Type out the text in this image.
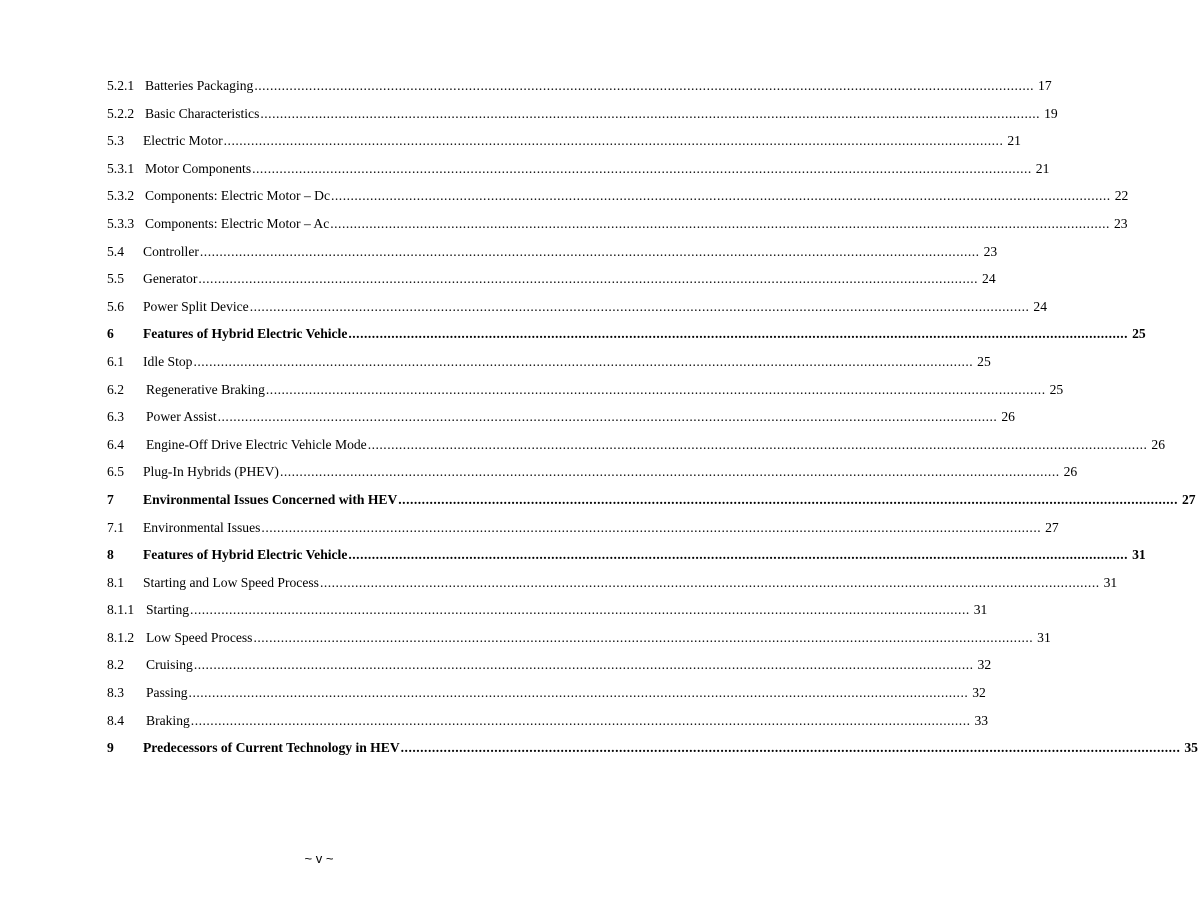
5.2.1 Batteries Packaging ........................................................................................................................................................................................................ 17
5.2.2 Basic Characteristics ........................................................................................................................................................................................................ 19
5.3	Electric Motor ........................................................................................................................................................................................................ 21
5.3.1 Motor Components ........................................................................................................................................................................................................ 21
5.3.2 Components: Electric Motor – Dc ........................................................................................................................................................................................................ 22
5.3.3 Components: Electric Motor – Ac ........................................................................................................................................................................................................ 23
5.4	Controller ........................................................................................................................................................................................................ 23
5.5	Generator ........................................................................................................................................................................................................ 24
5.6	Power Split Device ........................................................................................................................................................................................................ 24
6	Features of Hybrid Electric Vehicle ........................................................................................................................................................................................................ 25
6.1	Idle Stop ........................................................................................................................................................................................................ 25
6.2	Regenerative Braking ........................................................................................................................................................................................................ 25
6.3	Power Assist ........................................................................................................................................................................................................ 26
6.4	Engine-Off Drive Electric Vehicle Mode ........................................................................................................................................................................................................ 26
6.5	Plug-In Hybrids (PHEV) ........................................................................................................................................................................................................ 26
7	Environmental Issues Concerned with HEV ........................................................................................................................................................................................................ 27
7.1	Environmental Issues ........................................................................................................................................................................................................ 27
8	Features of Hybrid Electric Vehicle ........................................................................................................................................................................................................ 31
8.1	Starting and Low Speed Process ........................................................................................................................................................................................................ 31
8.1.1 Starting ........................................................................................................................................................................................................ 31
8.1.2 Low Speed Process ........................................................................................................................................................................................................ 31
8.2	Cruising ........................................................................................................................................................................................................ 32
8.3	Passing ........................................................................................................................................................................................................ 32
8.4	Braking ........................................................................................................................................................................................................ 33
9	Predecessors of Current Technology in HEV ........................................................................................................................................................................................................ 35
~ v ~
